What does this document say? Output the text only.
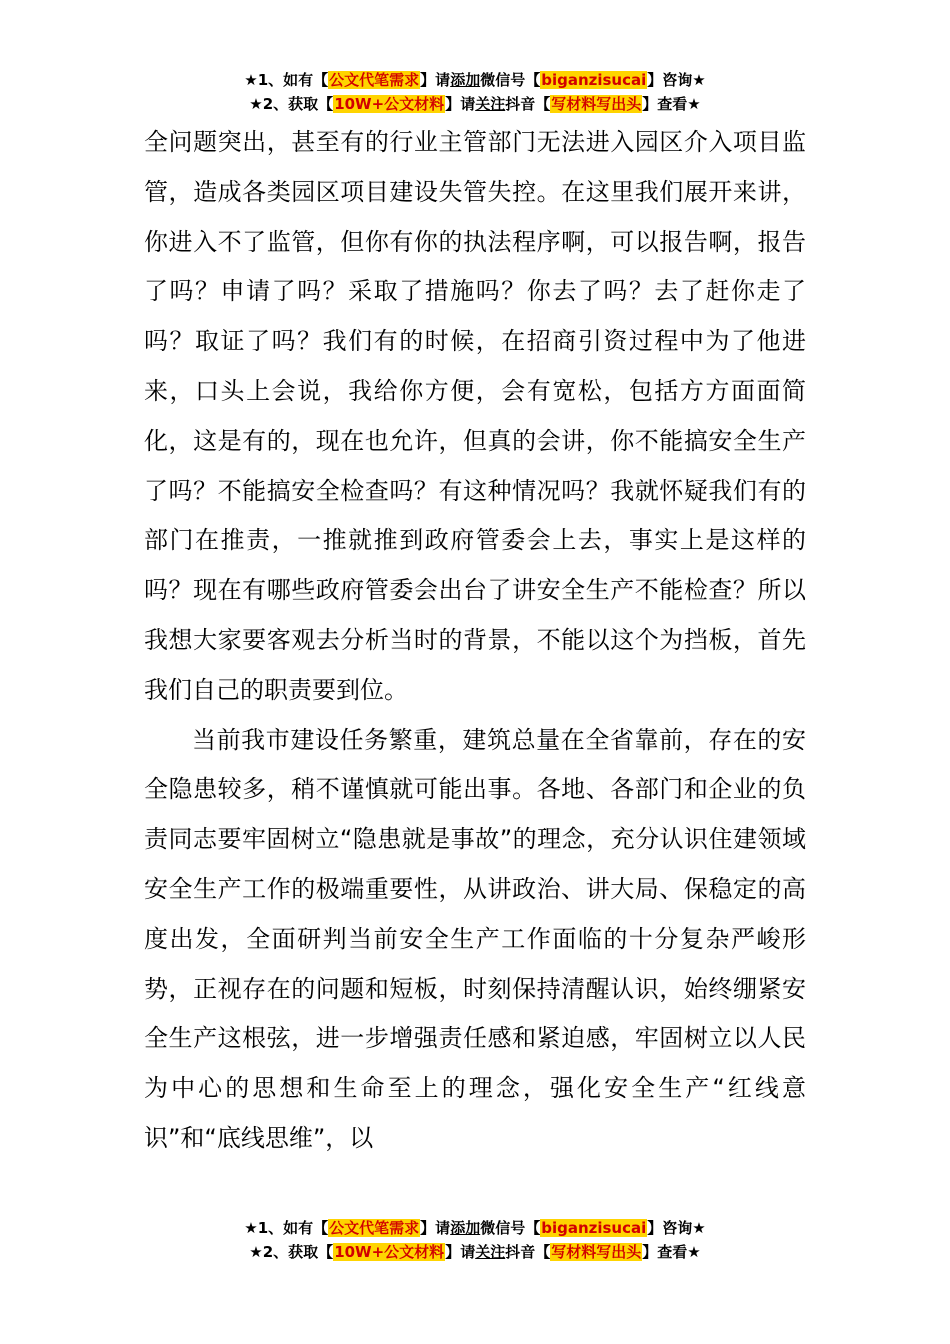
★1、如有【公文代笔需求】请添加微信号【biganzisucai】咨询★
★2、获取【10W+公文材料】请关注抖音【写材料写出头】查看★

全问题突出，甚至有的行业主管部门无法进入园区介入项目监管，造成各类园区项目建设失管失控。在这里我们展开来讲，你进入不了监管，但你有你的执法程序啊，可以报告啊，报告了吗？申请了吗？采取了措施吗？你去了吗？去了赶你走了吗？取证了吗？我们有的时候，在招商引资过程中为了他进来，口头上会说，我给你方便，会有宽松，包括方方面面简化，这是有的，现在也允许，但真的会讲，你不能搞安全生产了吗？不能搞安全检查吗？有这种情况吗？我就怀疑我们有的部门在推责，一推就推到政府管委会上去，事实上是这样的吗？现在有哪些政府管委会出台了讲安全生产不能检查？所以我想大家要客观去分析当时的背景，不能以这个为挡板，首先我们自己的职责要到位。

当前我市建设任务繁重，建筑总量在全省靠前，存在的安全隐患较多，稍不谨慎就可能出事。各地、各部门和企业的负责同志要牢固树立“隐患就是事故”的理念，充分认识住建领域安全生产工作的极端重要性，从讲政治、讲大局、保稳定的高度出发，全面研判当前安全生产工作面临的十分复杂严峻形势，正视存在的问题和短板，时刻保持清醒认识，始终绷紧安全生产这根弦，进一步增强责任感和紧迫感，牢固树立以人民为中心的思想和生命至上的理念，强化安全生产“红线意识”和“底线思维”，以

★1、如有【公文代笔需求】请添加微信号【biganzisucai】咨询★
★2、获取【10W+公文材料】请关注抖音【写材料写出头】查看★
